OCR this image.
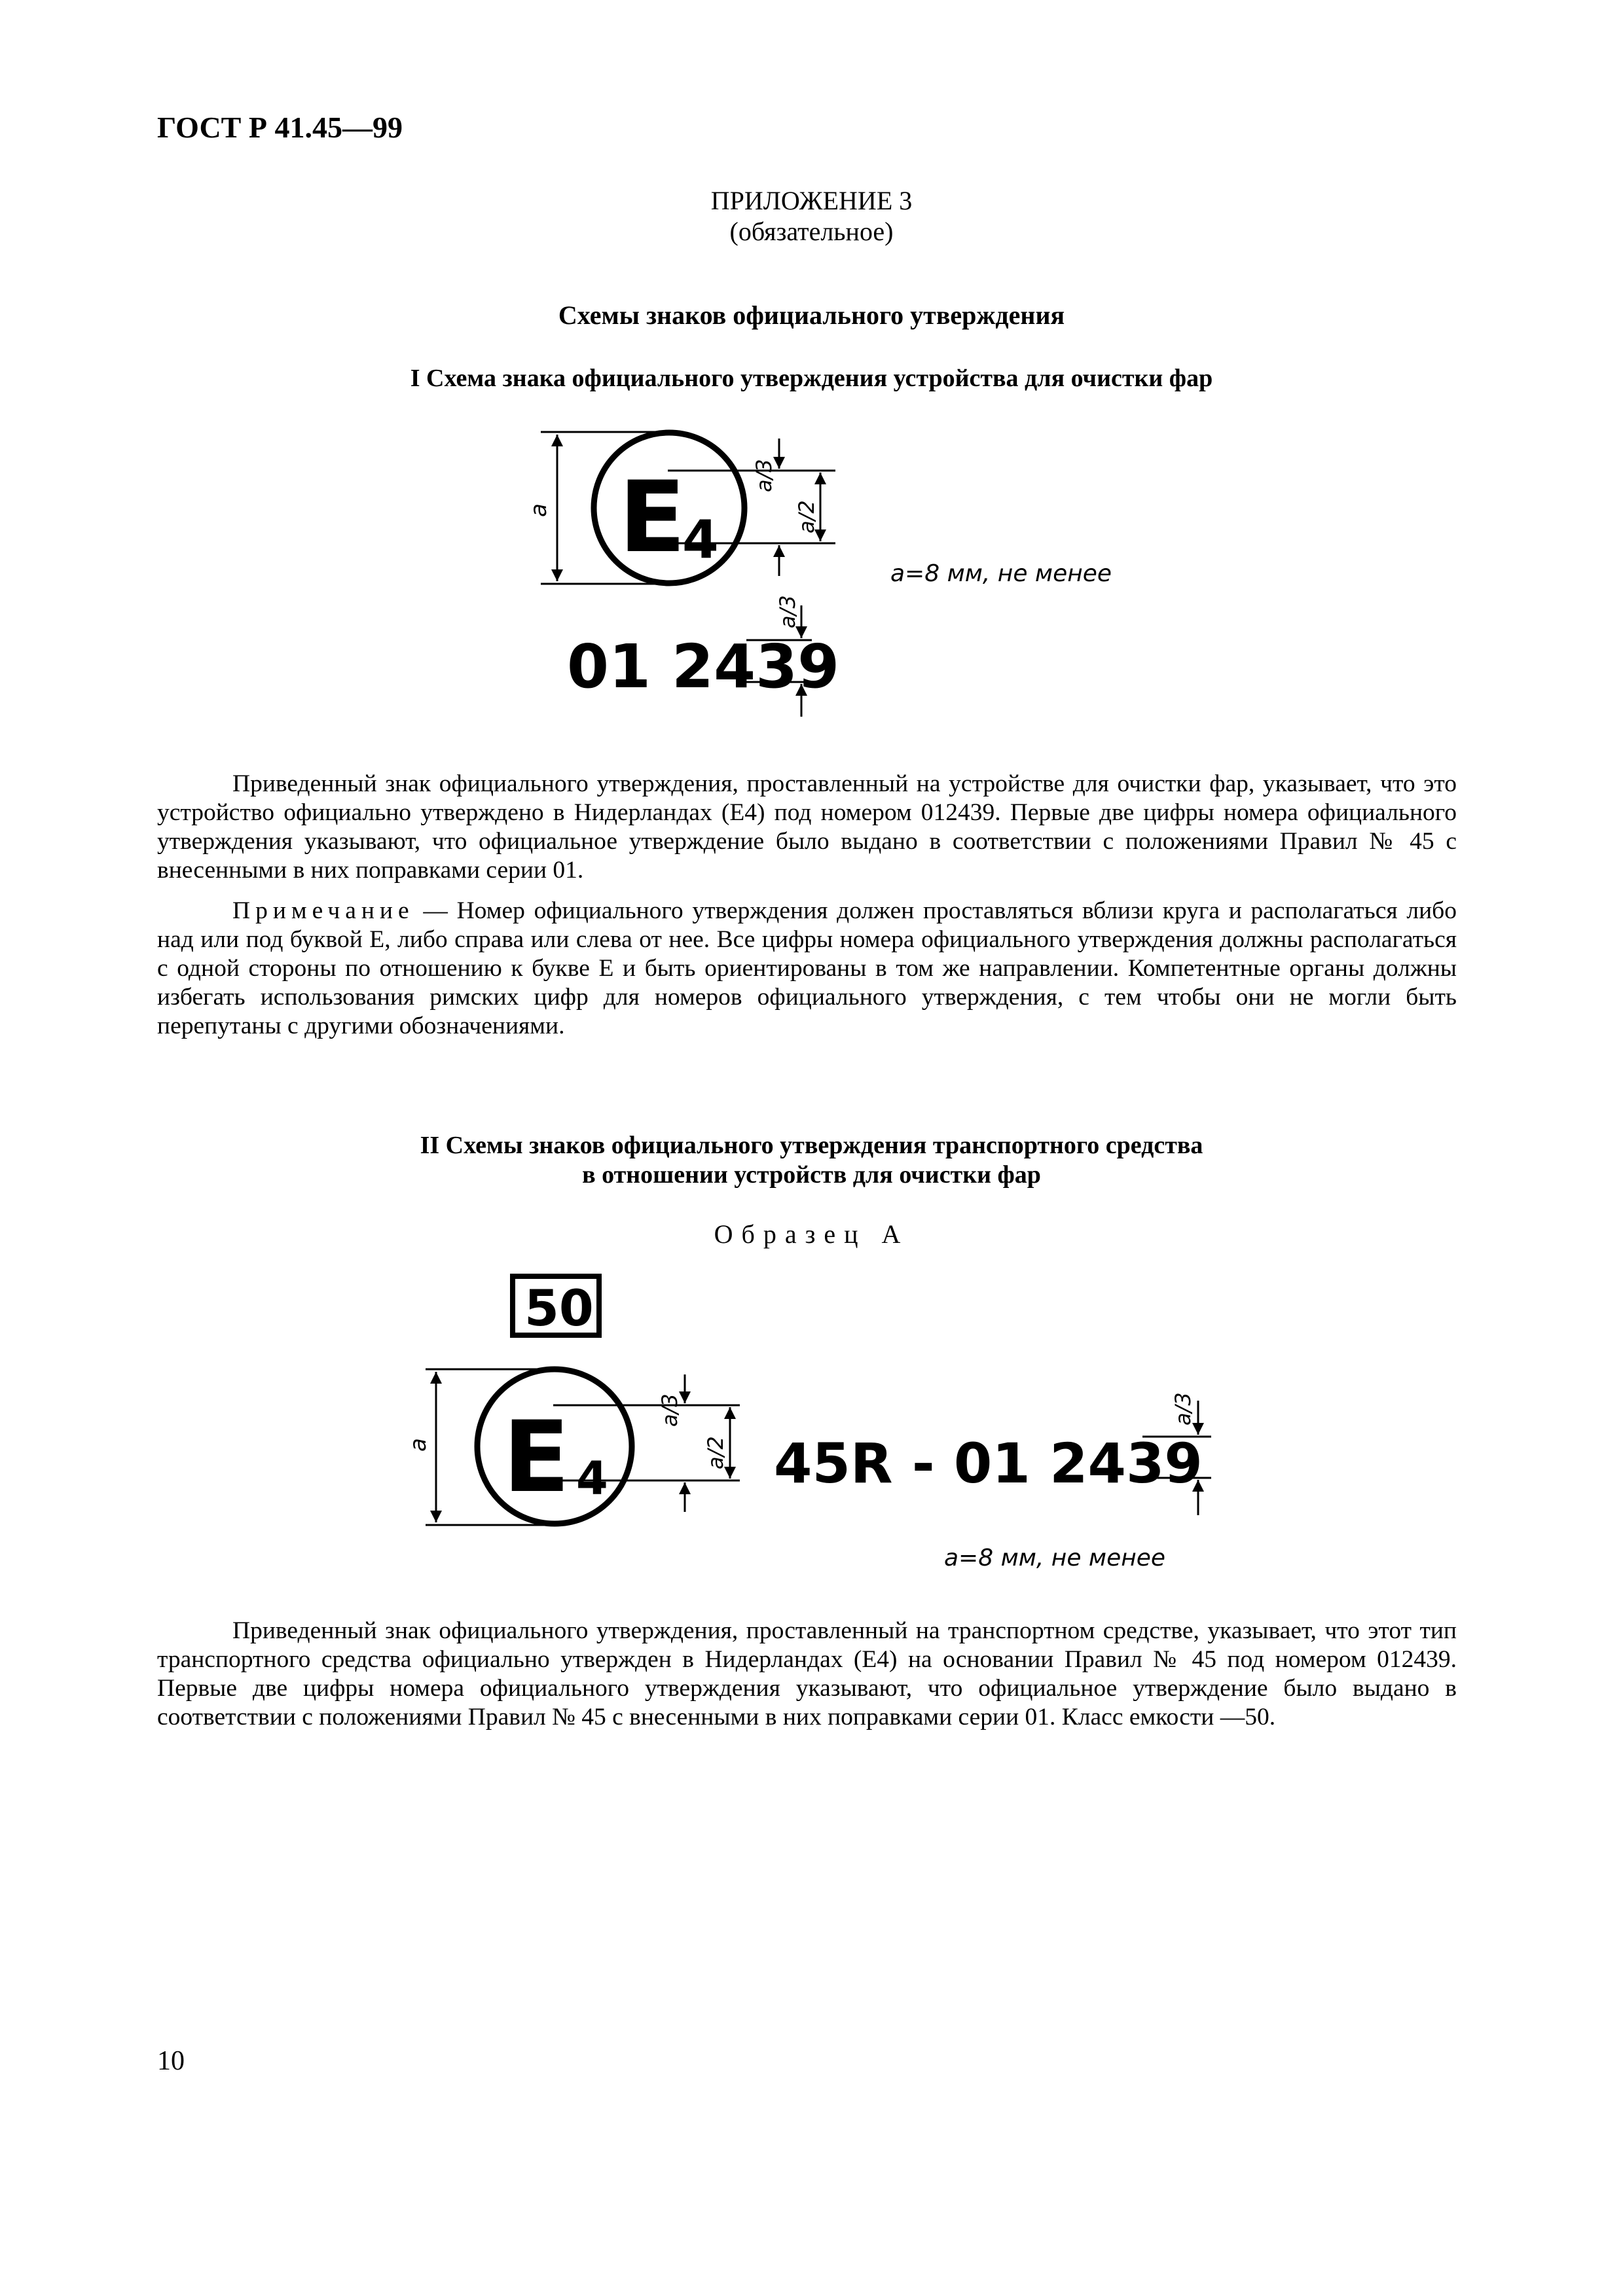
ГОСТ Р 41.45—99
ПРИЛОЖЕНИЕ 3
(обязательное)
Схемы знаков официального утверждения
I Схема знака официального утверждения устройства для очистки фар
E
4
01 2439
a
a/3
a/2
a/3
a=8 мм, не менее
50
E 4
a
a/3
a/2 45R - 01 2439
a/3
a=8 мм, не менее
Приведенный знак официального утверждения, проставленный на устройстве для очистки фар, указывает, что это устройство официально утверждено в Нидерландах (Е4) под номером 012439. Первые две цифры номера официального утверждения указывают, что официальное утверждение было выдано в соответствии с положениями Правил № 45 с внесенными в них поправками серии 01.
Примечание — Номер официального утверждения должен проставляться вблизи круга и располагаться либо над или под буквой Е, либо справа или слева от нее. Все цифры номера официального утверждения должны располагаться с одной стороны по отношению к букве Е и быть ориентированы в том же направлении. Компетентные органы должны избегать использования римских цифр для номеров официального утверждения, с тем чтобы они не могли быть перепутаны с другими обозначениями.
II Схемы знаков официального утверждения транспортного средства
в отношении устройств для очистки фар
Образец А
Приведенный знак официального утверждения, проставленный на транспортном средстве, указывает, что этот тип транспортного средства официально утвержден в Нидерландах (Е4) на основании Правил № 45 под номером 012439. Первые две цифры номера официального утверждения указывают, что официальное утверждение было выдано в соответствии с положениями Правил № 45 с внесенными в них поправками серии 01. Класс емкости —50.
10
